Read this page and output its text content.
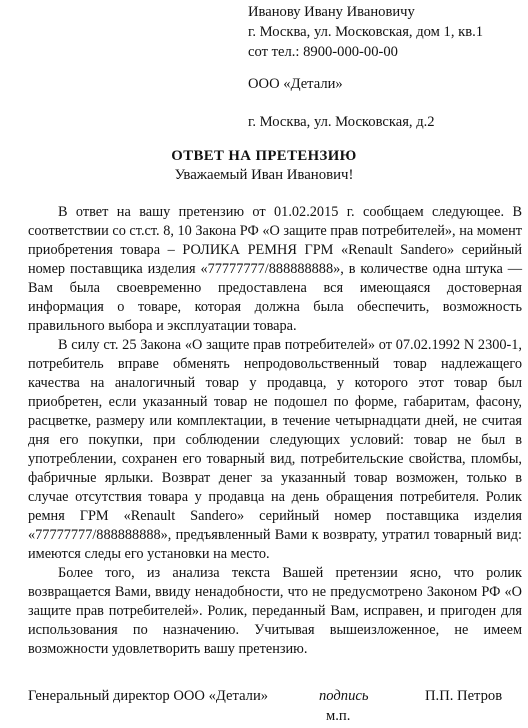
Иванову Ивану Ивановичу
г. Москва, ул. Московская, дом 1, кв.1
сот тел.: 8900-000-00-00
ООО «Детали»
г. Москва, ул. Московская, д.2
ОТВЕТ НА ПРЕТЕНЗИЮ
Уважаемый Иван Иванович!

В ответ на вашу претензию от 01.02.2015 г. сообщаем следующее. В соответствии со ст.ст. 8, 10 Закона РФ «О защите прав потребителей», на момент приобретения товара – РОЛИКА РЕМНЯ ГРМ «Renault Sandero» серийный номер поставщика изделия «77777777/888888888», в количестве одна штука — Вам была своевременно предоставлена вся имеющаяся достоверная информация о товаре, которая должна была обеспечить, возможность правильного выбора и эксплуатации товара.

В силу ст. 25 Закона «О защите прав потребителей» от 07.02.1992 N 2300-1, потребитель вправе обменять непродовольственный товар надлежащего качества на аналогичный товар у продавца, у которого этот товар был приобретен, если указанный товар не подошел по форме, габаритам, фасону, расцветке, размеру или комплектации, в течение четырнадцати дней, не считая дня его покупки, при соблюдении следующих условий: товар не был в употреблении, сохранен его товарный вид, потребительские свойства, пломбы, фабричные ярлыки. Возврат денег за указанный товар возможен, только в случае отсутствия товара у продавца на день обращения потребителя. Ролик ремня ГРМ «Renault Sandero» серийный номер поставщика изделия «77777777/888888888», предъявленный Вами к возврату, утратил товарный вид: имеются следы его установки на место.

Более того, из анализа текста Вашей претензии ясно, что ролик возвращается Вами, ввиду ненадобности, что не предусмотрено Законом РФ «О защите прав потребителей». Ролик, переданный Вам, исправен, и пригоден для использования по назначению. Учитывая вышеизложенное, не имеем возможности удовлетворить вашу претензию.

Генеральный директор ООО «Детали»	подпись	П.П. Петров
м.п.
